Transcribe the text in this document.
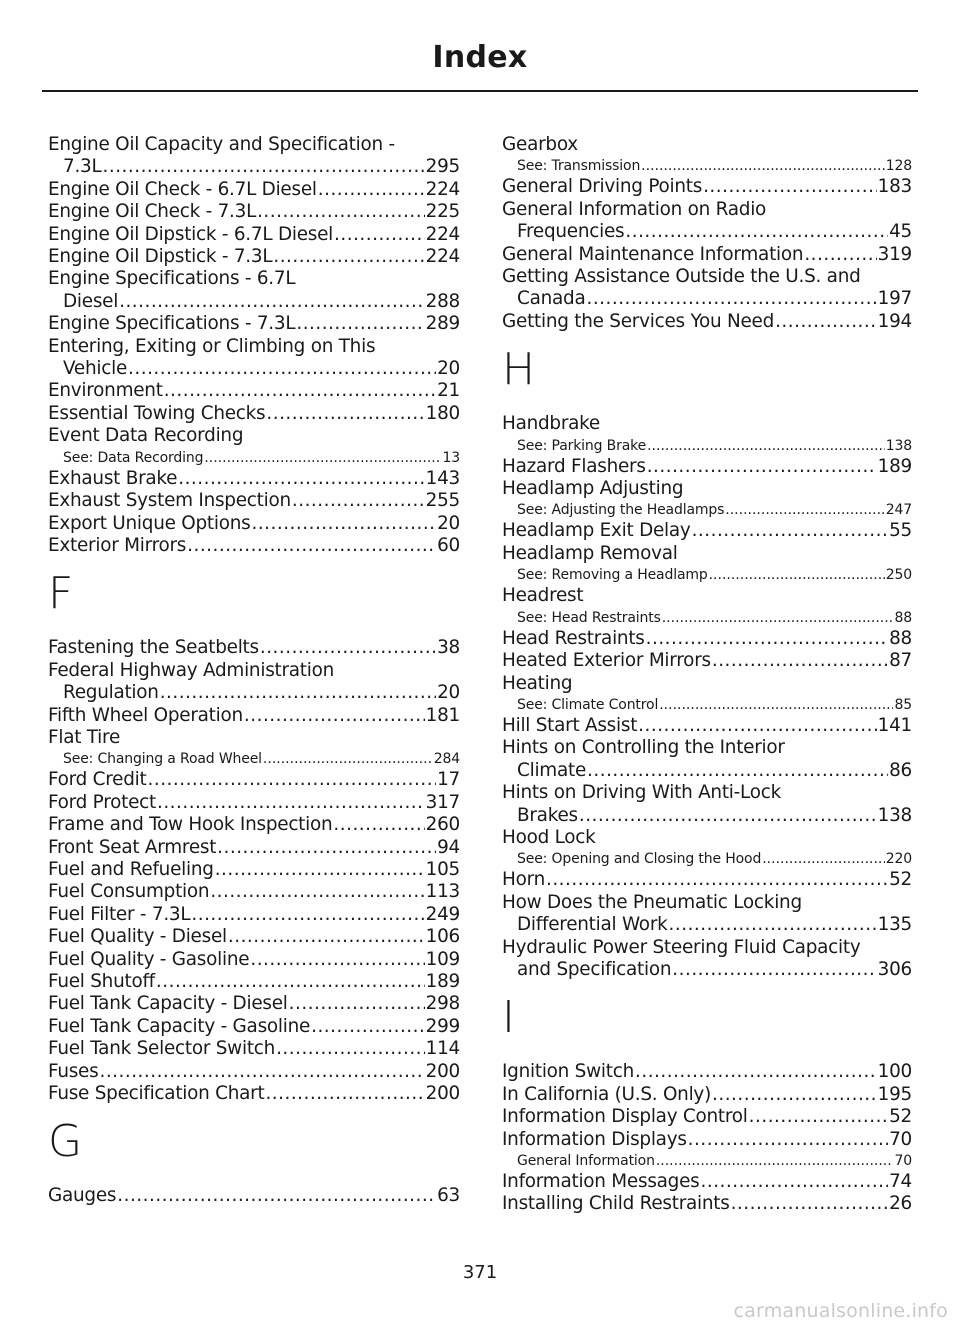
Index
Engine Oil Capacity and Specification -
7.3L .....	295
Engine Oil Check - 6.7L Diesel .....	224
Engine Oil Check - 7.3L .....	225
Engine Oil Dipstick - 6.7L Diesel .....	224
Engine Oil Dipstick - 7.3L .....	224
Engine Specifications - 6.7L
Diesel .....	288
Engine Specifications - 7.3L .....	289
Entering, Exiting or Climbing on This
Vehicle .....	20
Environment .....	21
Essential Towing Checks .....	180
Event Data Recording
See: Data Recording .....	13
Exhaust Brake .....	143
Exhaust System Inspection .....	255
Export Unique Options .....	20
Exterior Mirrors .....	60
F
Fastening the Seatbelts .....	38
Federal Highway Administration
Regulation .....	20
Fifth Wheel Operation .....	181
Flat Tire
See: Changing a Road Wheel .....	284
Ford Credit .....	17
Ford Protect .....	317
Frame and Tow Hook Inspection .....	260
Front Seat Armrest .....	94
Fuel and Refueling .....	105
Fuel Consumption .....	113
Fuel Filter - 7.3L .....	249
Fuel Quality - Diesel .....	106
Fuel Quality - Gasoline .....	109
Fuel Shutoff .....	189
Fuel Tank Capacity - Diesel .....	298
Fuel Tank Capacity - Gasoline .....	299
Fuel Tank Selector Switch .....	114
Fuses .....	200
Fuse Specification Chart .....	200
G
Gauges .....	63
Gearbox
See: Transmission .....	128
General Driving Points .....	183
General Information on Radio
Frequencies .....	45
General Maintenance Information .....	319
Getting Assistance Outside the U.S. and
Canada .....	197
Getting the Services You Need .....	194
H
Handbrake
See: Parking Brake .....	138
Hazard Flashers .....	189
Headlamp Adjusting
See: Adjusting the Headlamps .....	247
Headlamp Exit Delay .....	55
Headlamp Removal
See: Removing a Headlamp .....	250
Headrest
See: Head Restraints .....	88
Head Restraints .....	88
Heated Exterior Mirrors .....	87
Heating
See: Climate Control .....	85
Hill Start Assist .....	141
Hints on Controlling the Interior
Climate .....	86
Hints on Driving With Anti-Lock
Brakes .....	138
Hood Lock
See: Opening and Closing the Hood .....	220
Horn .....	52
How Does the Pneumatic Locking
Differential Work .....	135
Hydraulic Power Steering Fluid Capacity
and Specification .....	306
I
Ignition Switch .....	100
In California (U.S. Only) .....	195
Information Display Control .....	52
Information Displays .....	70
General Information .....	70
Information Messages .....	74
Installing Child Restraints .....	26
371
carmanualsonline.info
